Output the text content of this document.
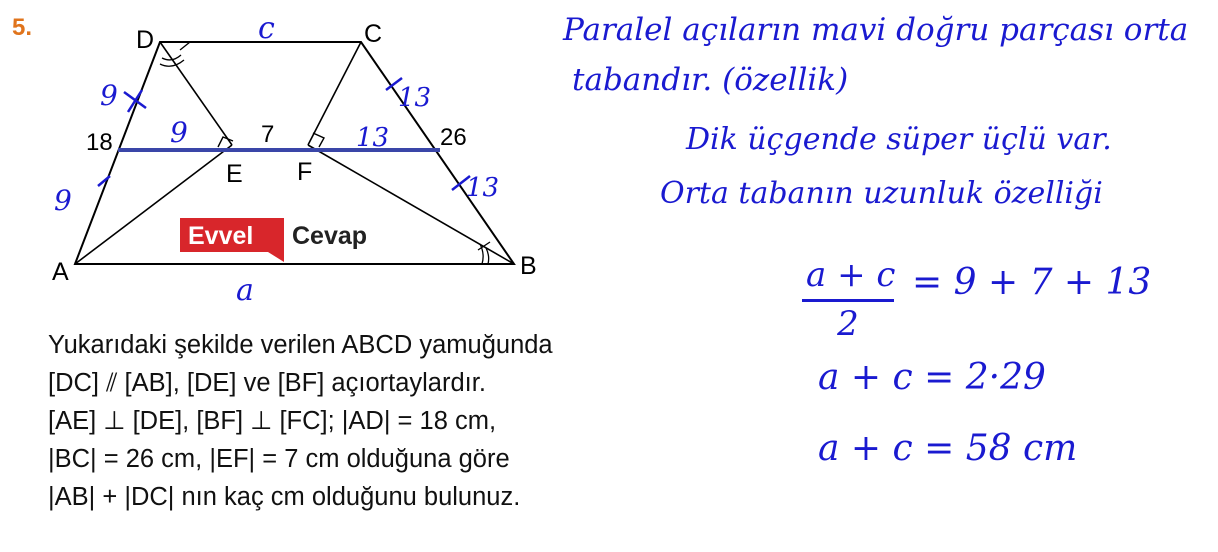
5.	D	C
A	B
E F
18	7	26
c
a
9
9
9	13
13
13
Evvel Cevap
Yukarıdaki şekilde verilen ABCD yamuğunda
[DC] ⫽ [AB], [DE] ve [BF] açıortaylardır.
[AE] ⊥ [DE], [BF] ⊥ [FC]; |AD| = 18 cm,
|BC| = 26 cm, |EF| = 7 cm olduğuna göre
|AB| + |DC| nın kaç cm olduğunu bulunuz.
Paralel açıların mavi doğru parçası orta
tabandır. (özellik)
Dik üçgende süper üçlü var.
Orta tabanın uzunluk özelliği
a + c
2
= 9 + 7 + 13
a + c = 2·29
a + c = 58 cm
